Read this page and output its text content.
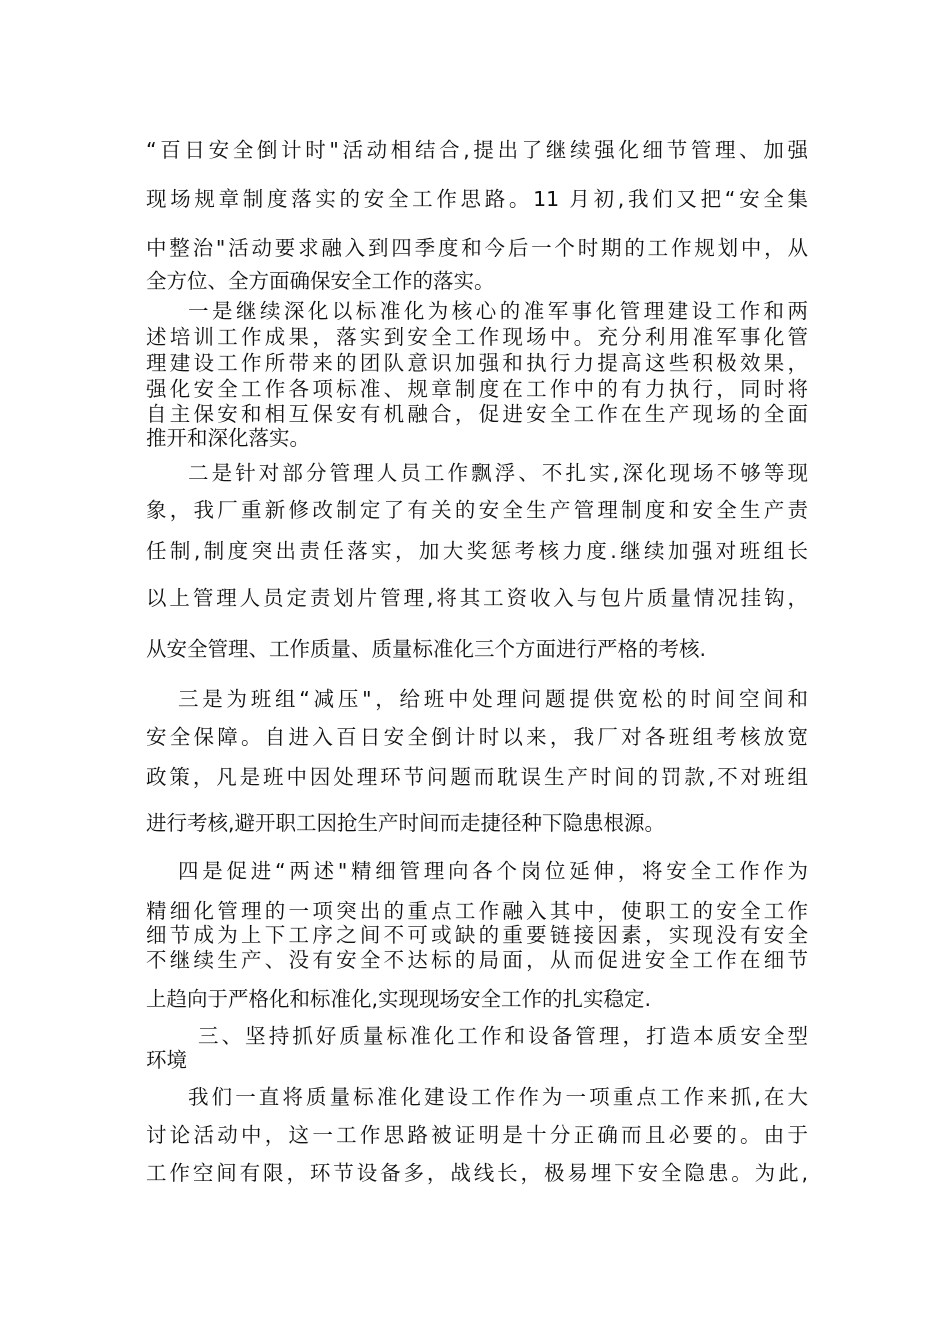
“百日安全倒计时"活动相结合,提出了继续强化细节管理、加强
现场规章制度落实的安全工作思路。11 月初,我们又把“安全集
中整治"活动要求融入到四季度和今后一个时期的工作规划中，从
全方位、全方面确保安全工作的落实。
一是继续深化以标准化为核心的准军事化管理建设工作和两
述培训工作成果，落实到安全工作现场中。充分利用准军事化管
理建设工作所带来的团队意识加强和执行力提高这些积极效果，
强化安全工作各项标准、规章制度在工作中的有力执行，同时将
自主保安和相互保安有机融合，促进安全工作在生产现场的全面
推开和深化落实。
二是针对部分管理人员工作飘浮、不扎实,深化现场不够等现
象，我厂重新修改制定了有关的安全生产管理制度和安全生产责
任制,制度突出责任落实，加大奖惩考核力度.继续加强对班组长
以上管理人员定责划片管理,将其工资收入与包片质量情况挂钩，
从安全管理、工作质量、质量标准化三个方面进行严格的考核.
三是为班组“减压"，给班中处理问题提供宽松的时间空间和
安全保障。自进入百日安全倒计时以来，我厂对各班组考核放宽
政策，凡是班中因处理环节问题而耽误生产时间的罚款,不对班组
进行考核,避开职工因抢生产时间而走捷径种下隐患根源。
四是促进“两述"精细管理向各个岗位延伸，将安全工作作为
精细化管理的一项突出的重点工作融入其中，使职工的安全工作
细节成为上下工序之间不可或缺的重要链接因素，实现没有安全
不继续生产、没有安全不达标的局面，从而促进安全工作在细节
上趋向于严格化和标准化,实现现场安全工作的扎实稳定.
三、坚持抓好质量标准化工作和设备管理，打造本质安全型
环境
我们一直将质量标准化建设工作作为一项重点工作来抓,在大
讨论活动中，这一工作思路被证明是十分正确而且必要的。由于
工作空间有限，环节设备多，战线长，极易埋下安全隐患。为此,
